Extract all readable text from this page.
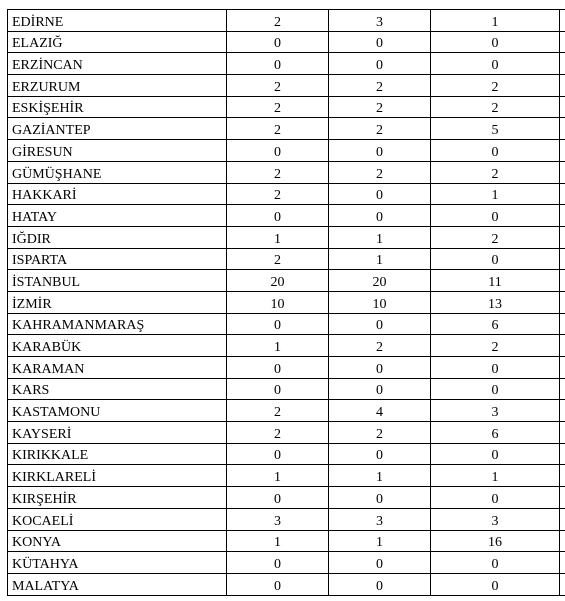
EDİRNE	2	3	1	
ELAZIĞ	0	0	0	
ERZİNCAN	0	0	0	
ERZURUM	2	2	2	
ESKİŞEHİR	2	2	2	
GAZİANTEP	2	2	5	
GİRESUN	0	0	0	
GÜMÜŞHANE	2	2	2	
HAKKARİ	2	0	1	
HATAY	0	0	0	
IĞDIR	1	1	2	
ISPARTA	2	1	0	
İSTANBUL	20	20	11	
İZMİR	10	10	13	
KAHRAMANMARAŞ	0	0	6	
KARABÜK	1	2	2	
KARAMAN	0	0	0	
KARS	0	0	0	
KASTAMONU	2	4	3	
KAYSERİ	2	2	6	
KIRIKKALE	0	0	0	
KIRKLARELİ	1	1	1	
KIRŞEHİR	0	0	0	
KOCAELİ	3	3	3	
KONYA	1	1	16	
KÜTAHYA	0	0	0	
MALATYA	0	0	0	
